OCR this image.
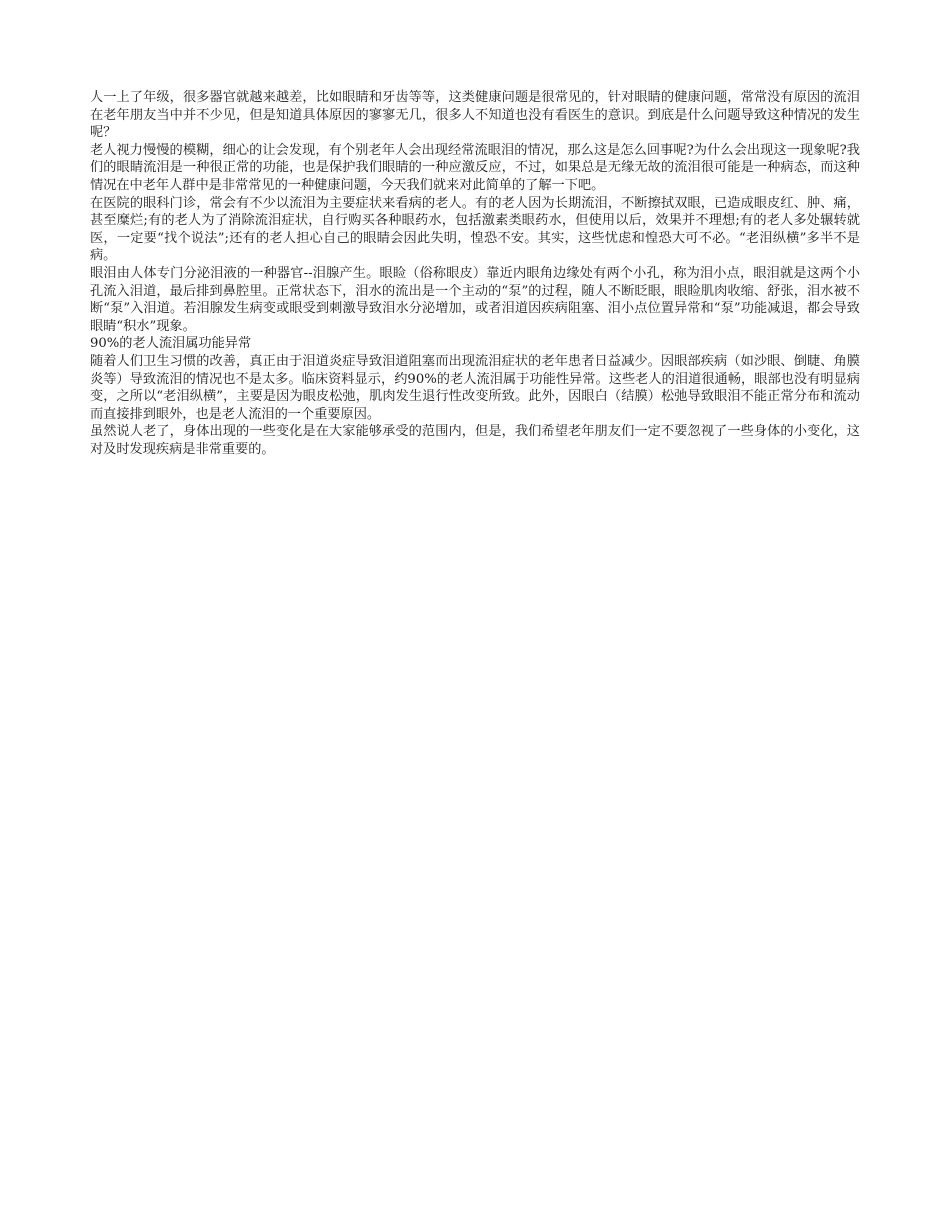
人一上了年级，很多器官就越来越差，比如眼睛和牙齿等等，这类健康问题是很常见的，针对眼睛的健康问题，常常没有原因的流泪在老年朋友当中并不少见，但是知道具体原因的寥寥无几，很多人不知道也没有看医生的意识。到底是什么问题导致这种情况的发生呢？

老人视力慢慢的模糊，细心的让会发现，有个别老年人会出现经常流眼泪的情况，那么这是怎么回事呢?为什么会出现这一现象呢?我们的眼睛流泪是一种很正常的功能，也是保护我们眼睛的一种应激反应，不过，如果总是无缘无故的流泪很可能是一种病态，而这种情况在中老年人群中是非常常见的一种健康问题，今天我们就来对此简单的了解一下吧。

在医院的眼科门诊，常会有不少以流泪为主要症状来看病的老人。有的老人因为长期流泪，不断擦拭双眼，已造成眼皮红、肿、痛，甚至糜烂;有的老人为了消除流泪症状，自行购买各种眼药水，包括激素类眼药水，但使用以后，效果并不理想;有的老人多处辗转就医，一定要“找个说法”;还有的老人担心自己的眼睛会因此失明，惶恐不安。其实，这些忧虑和惶恐大可不必。“老泪纵横”多半不是病。

眼泪由人体专门分泌泪液的一种器官--泪腺产生。眼睑（俗称眼皮）靠近内眼角边缘处有两个小孔，称为泪小点，眼泪就是这两个小孔流入泪道，最后排到鼻腔里。正常状态下，泪水的流出是一个主动的“泵”的过程，随人不断眨眼，眼睑肌肉收缩、舒张，泪水被不断“泵”入泪道。若泪腺发生病变或眼受到刺激导致泪水分泌增加，或者泪道因疾病阻塞、泪小点位置异常和“泵”功能减退，都会导致眼睛“积水”现象。

90%的老人流泪属功能异常

随着人们卫生习惯的改善，真正由于泪道炎症导致泪道阻塞而出现流泪症状的老年患者日益减少。因眼部疾病（如沙眼、倒睫、角膜炎等）导致流泪的情况也不是太多。临床资料显示，约90%的老人流泪属于功能性异常。这些老人的泪道很通畅，眼部也没有明显病变，之所以“老泪纵横”，主要是因为眼皮松弛，肌肉发生退行性改变所致。此外，因眼白（结膜）松弛导致眼泪不能正常分布和流动而直接排到眼外，也是老人流泪的一个重要原因。

虽然说人老了，身体出现的一些变化是在大家能够承受的范围内，但是，我们希望老年朋友们一定不要忽视了一些身体的小变化，这对及时发现疾病是非常重要的。
